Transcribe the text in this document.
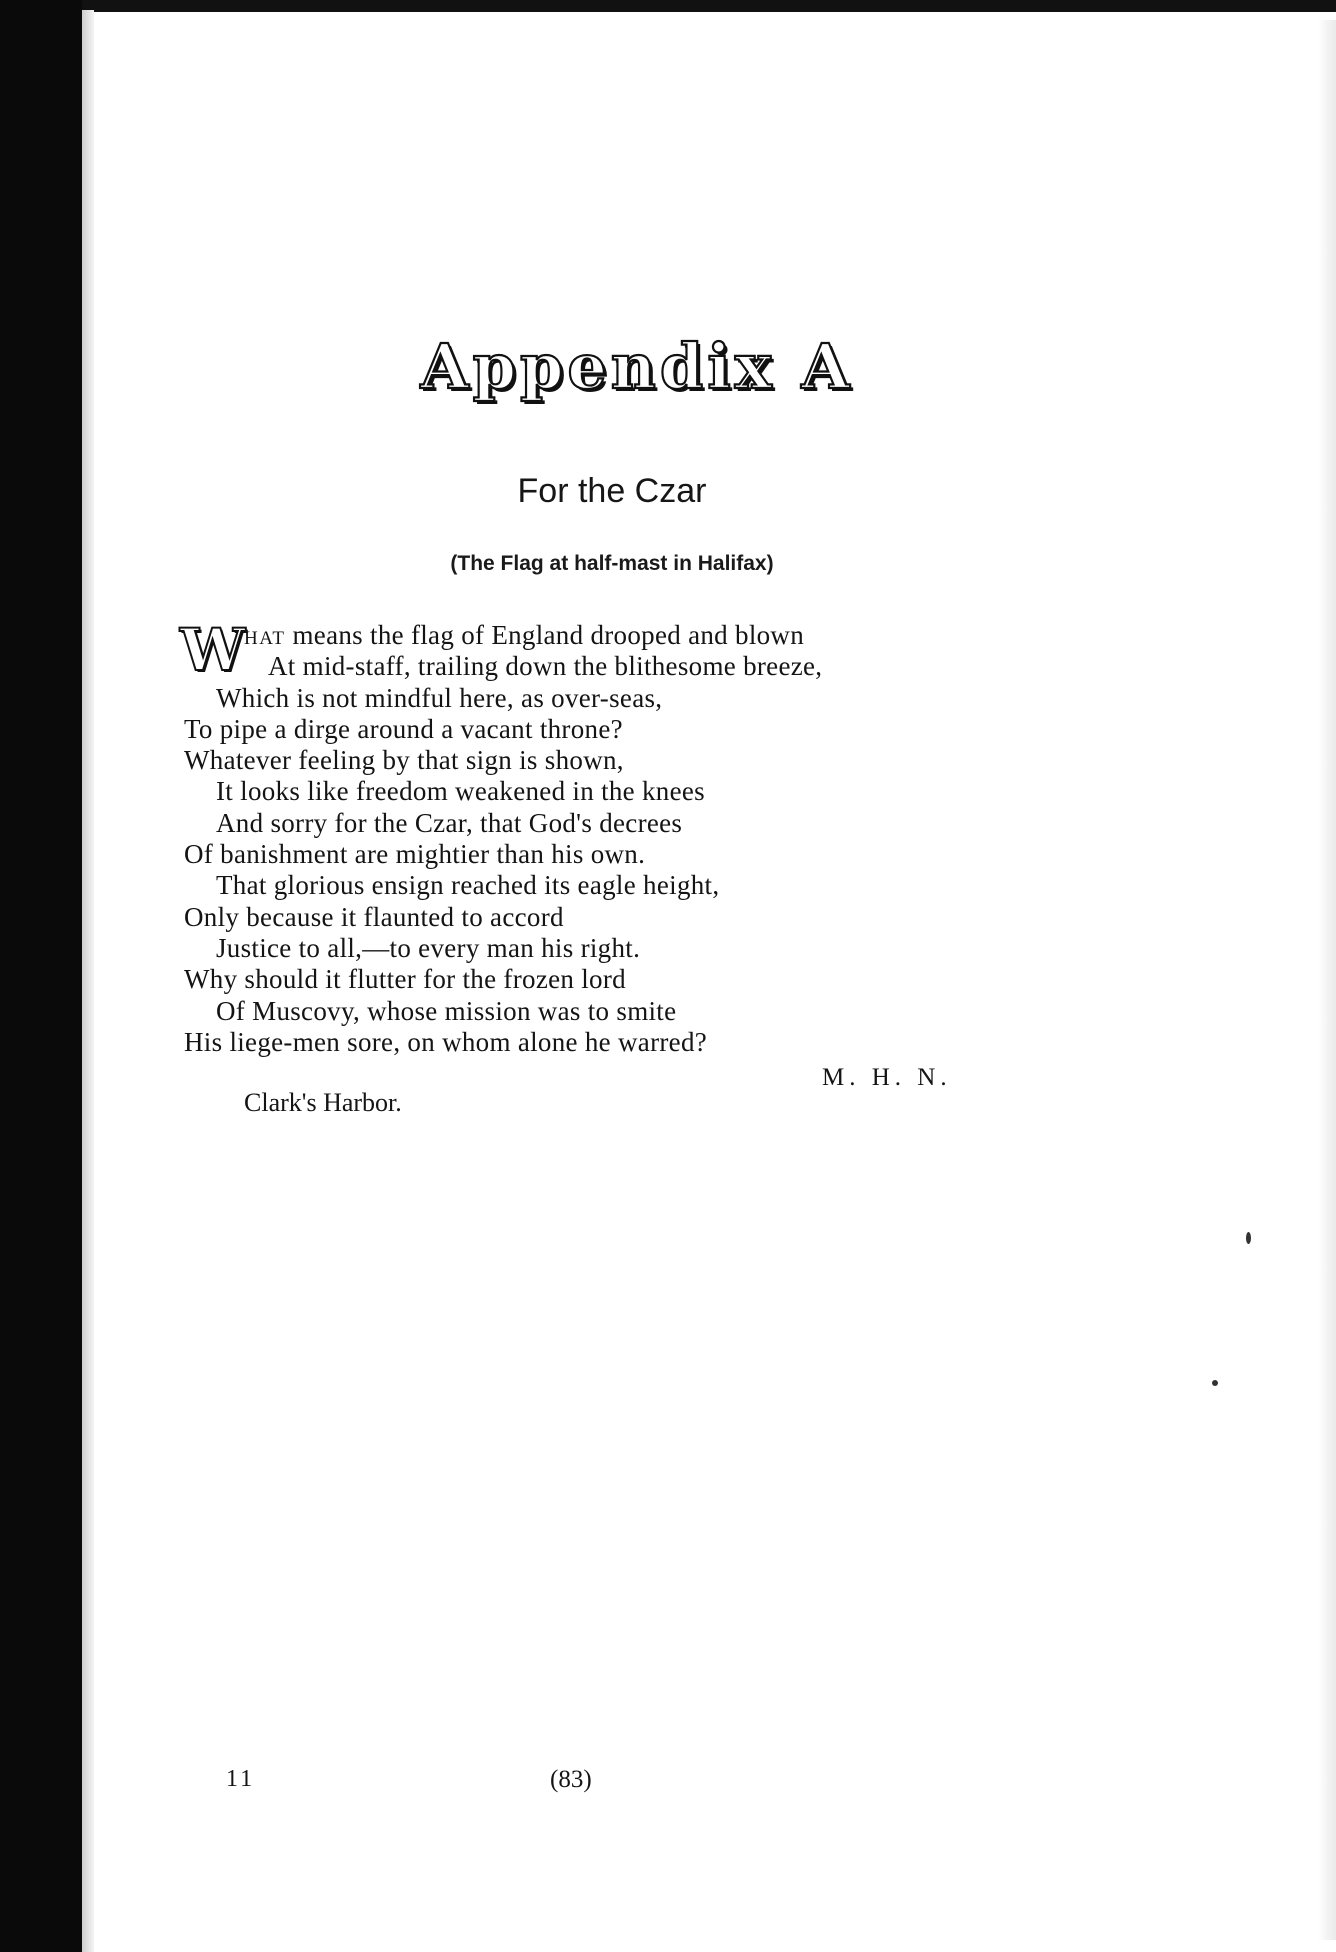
Appendix A
For the Czar
(The Flag at half-mast in Halifax)
W
HAT means the flag of England drooped and blown
At mid-staff, trailing down the blithesome breeze,
Which is not mindful here, as over-seas,
To pipe a dirge around a vacant throne?
Whatever feeling by that sign is shown,
It looks like freedom weakened in the knees
And sorry for the Czar, that God's decrees
Of banishment are mightier than his own.
That glorious ensign reached its eagle height,
Only because it flaunted to accord
Justice to all,—to every man his right.
Why should it flutter for the frozen lord
Of Muscovy, whose mission was to smite
His liege-men sore, on whom alone he warred?
M. H. N.
Clark's Harbor.
11	(83)
